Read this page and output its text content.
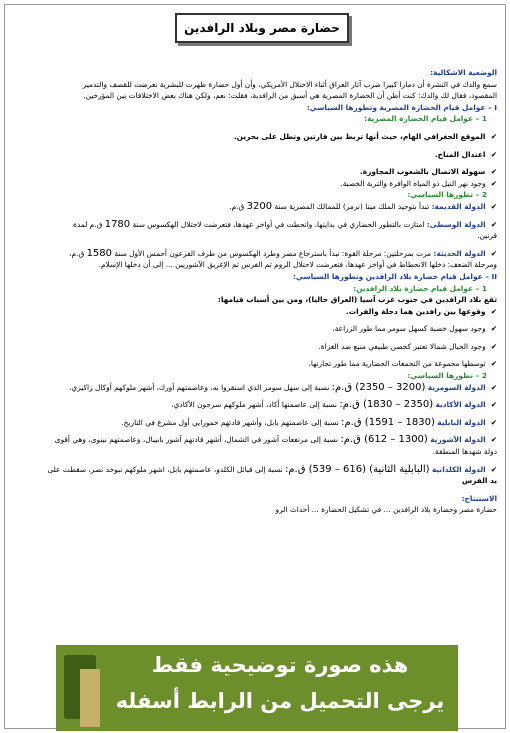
حضارة مصر وبلاد الرافدين
الوضعية الاشكالية:
سمع والدك في النشرة أن دمارا كبيرا ضرب آثار العراق أثناء الاحتلال الأمريكي، وأن أول حضارة ظهرت للبشرية تعرضت للقصف والتدمير
المقصود، فقال لك والدك: كنت أظن أن الحضارة المصرية هي أسبق من الرافدية، فقلت: نعم، ولكن هناك بعض الاختلافات بين المؤرخين.
I – عوامل قيام الحضارة المصرية وتطورها السياسي:
1 – عوامل قيام الحضارة المصرية:
✔ الموقع الجغرافي الهام، حيث أنها تربط بين قارتين وتطل على بحرين.
✔ اعتدال المناخ.
✔ سهولة الاتصال بالشعوب المجاورة.
✔ وجود نهر النيل ذو المياه الوافرة والتربة الخصبة.
2 – تطورها السياسي:
✔ الدولة القديمة: تبدأ بتوحيد الملك مينا (نرمر) للممالك المصرية سنة 3200 ق.م.
✔ الدولة الوسطى: امتازت بالتطور الحضاري في بدايتها، وانحطت في أواخر عهدها، فتعرضت لاحتلال الهكسوس سنة 1780 ق.م لمدة
قرنين.
✔ الدولة الحديثة: مرت بمرحلتين: مرحلة القوة: تبدأ باسترجاع مصر وطرد الهكسوس من طرف الفرعون أحمس الأول سنة 1580 ق.م،
ومرحلة الضعف: دخلها الانحطاط في أواخر عهدها، فتعرضت لاحتلال الروم ثم الفرس ثم الإغريق الآشوريين ... إلى أن دخلها الإسلام.
II – عوامل قيام حضارة بلاد الرافدين وتطورها السياسي:
1 – عوامل قيام حضارة بلاد الرافدين:
تقع بلاد الرافدين في جنوب غرب آسيا (العراق حاليا)، ومن بين أسباب قيامها:
✔ وقوعها بين رافدين هما دجلة والفرات.
✔ وجود سهول خصبة كسهل سومر مما طور الزراعة.
✔ وجود الجبال شمالا تعتبر كحصن طبيعي منيع ضد الغزاة.
✔ توسطها مجموعة من التجمعات الحضارية مما طور تجارتها.
2 – تطورها السياسي:
✔ الدولة السومرية (3200 – 2350) ق.م: نسبة إلى سهل سومر الذي استقروا به، وعاصمتهم أورك، أشهر ملوكهم أوكال زاكيزي.
✔ الدولة الأكادية (2350 – 1830) ق.م: نسبة إلى عاصمتها أكاد، أشهر ملوكهم سرجون الأكادي.
✔ الدولة البابلية (1830 – 1591) ق.م: نسبة إلى عاصمتهم بابل، وأشهر قادتهم حمورابي أول مشرع في التاريخ.
✔ الدولة الآشورية (1300 – 612) ق.م: نسبة إلى مرتفعات آشور في الشمال، أشهر قادتهم آشور بانيبال، وعاصمتهم نينوى، وهي أقوى
دولة شهدها المنطقة.
✔ الدولة الكلدانية (البابلية الثانية) (616 – 539) ق.م: نسبة إلى قبائل الكلدو، عاصمتهم بابل، اشهر ملوكهم نبوخذ نصر، سقطت على
يد الفرس
الاستنتاج:
حضارة مصر وحضارة بلاد الرافدين ... في تشكيل الحضارة ... أحداث الرو
هذه صورة توضيحية فقط
يرجى التحميل من الرابط أسفله
